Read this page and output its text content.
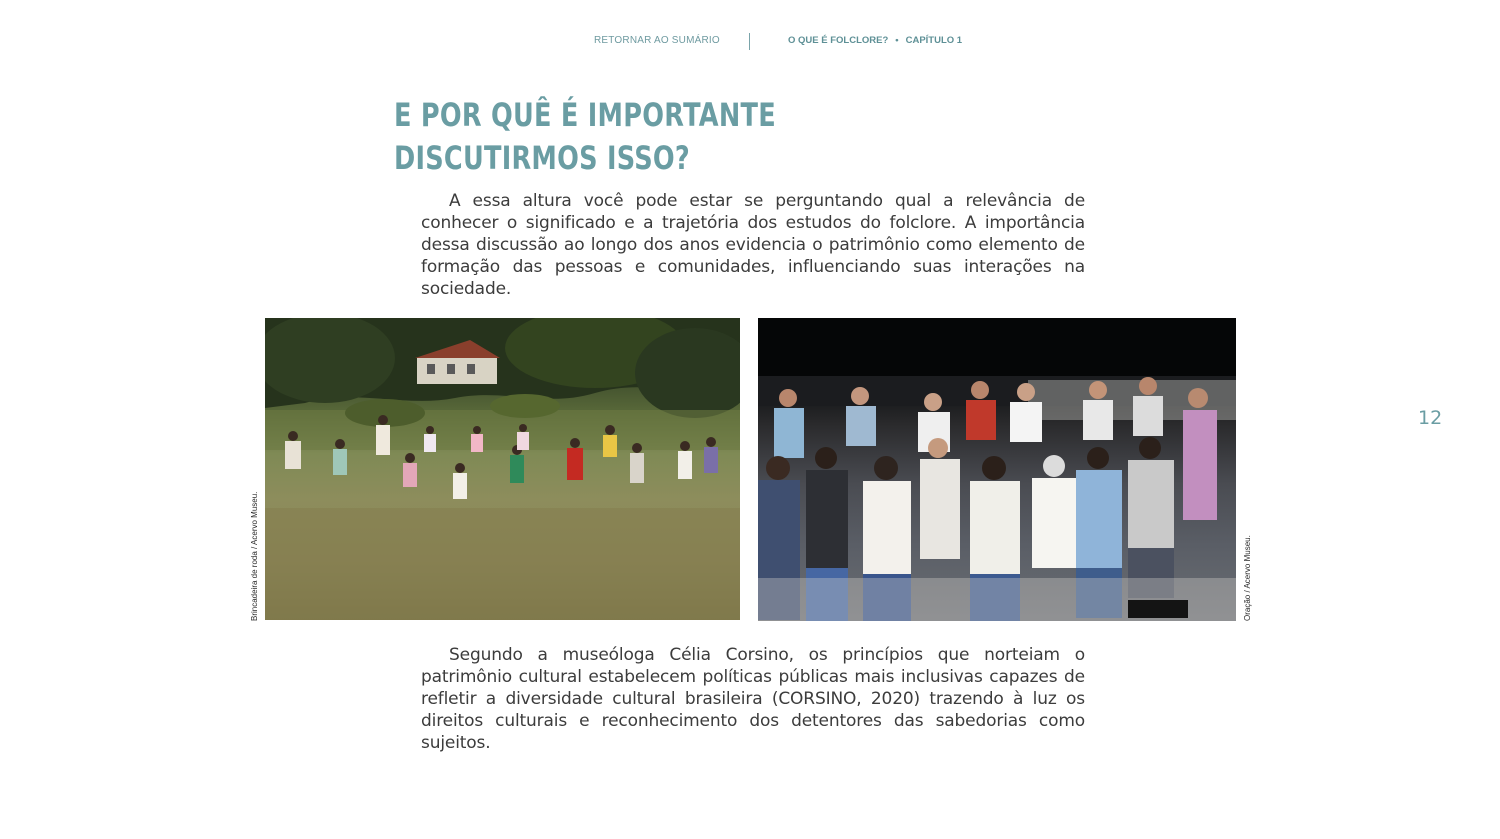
RETORNAR AO SUMÁRIO	O QUE É FOLCLORE? • CAPÍTULO 1
E POR QUÊ É IMPORTANTE
DISCUTIRMOS ISSO?

A essa altura você pode estar se perguntando qual a relevância de conhecer o significado e a trajetória dos estudos do folclore. A importância dessa discussão ao longo dos anos evidencia o patrimônio como elemento de formação das pessoas e comunidades, influenciando suas interações na sociedade.

Brincadeira de roda / Acervo Museu.	Oração / Acervo Museu.
12

Segundo a museóloga Célia Corsino, os princípios que norteiam o patrimônio cultural estabelecem políticas públicas mais inclusivas capazes de refletir a diversidade cultural brasileira (CORSINO, 2020) trazendo à luz os direitos culturais e reconhecimento dos detentores das sabedorias como sujeitos.
